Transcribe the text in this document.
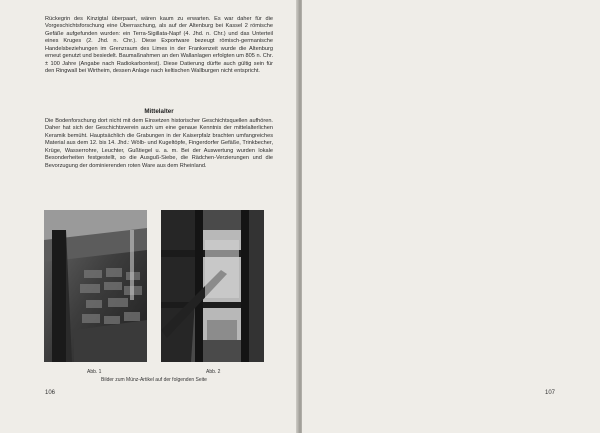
Rückegrin des Kinzigtal überpaart, wären kaum zu erwarten. Es war daher für die Vorgeschichtsforschung eine Überraschung, als auf der Altenburg bei Kassel 2 römische Gefäße aufgefunden wurden: ein Terra-Sigillata-Napf (4. Jhd. n. Chr.) und das Unterteil eines Kruges (2. Jhd. n. Chr.). Diese Exportware bezeugt römisch-germanische Handelsbeziehungen im Grenzraum des Limes in der Frankenzeit wurde die Altenburg erneut genutzt und besiedelt. Baumaßnahmen an den Wallanlagen erfolgten um 805 n. Chr. ± 100 Jahre (Angabe nach Radiokarbontest). Diese Datierung dürfte auch gültig sein für den Ringwall bei Wirtheim, dessen Anlage nach keltischen Wallburgen nicht entspricht.

Mittelalter

Die Bodenforschung dort nicht mit dem Einsetzen historischer Geschichtsquellen aufhören. Daher hat sich der Geschichtsverein auch um eine genaue Kenntnis der mittelalterlichen Keramik bemüht. Hauptsächlich die Grabungen in der Kaiserpfalz brachten umfangreiches Material aus dem 12. bis 14. Jhd.: Wölb- und Kugeltöpfe, Fingerdorfer Gefäße, Trinkbecher, Krüge, Wasserrohre, Leuchter, Gußtiegel u. a. m. Bei der Auswertung wurden lokale Besonderheiten festgestellt, so die Ausguß-Siebe, die Rädchen-Verzierungen und die Bevorzugung der dominierenden roten Ware aus dem Rheinland.

Abb. 1	Abb. 2
Bilder zum Münz-Artikel auf der folgenden Seite
106	107
